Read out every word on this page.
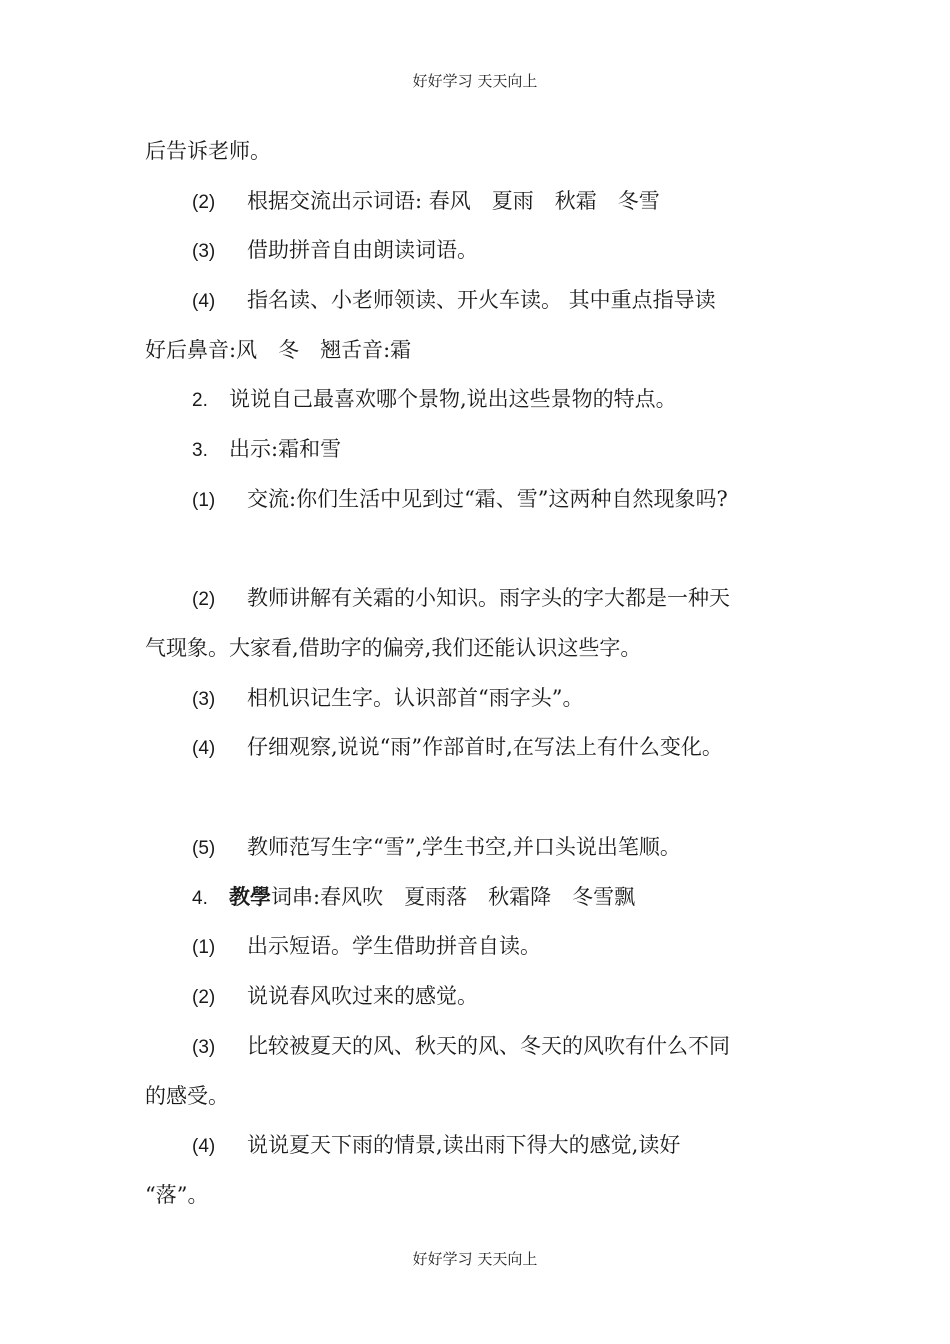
好好学习 天天向上
后告诉老师。
(2) 根据交流出示词语: 春风　夏雨　秋霜　冬雪
(3) 借助拼音自由朗读词语。
(4) 指名读、小老师领读、开火车读。 其中重点指导读
好后鼻音:风　冬　翘舌音:霜
2. 说说自己最喜欢哪个景物,说出这些景物的特点。
3. 出示:霜和雪
(1) 交流:你们生活中见到过“霜、雪”这两种自然现象吗?
(2) 教师讲解有关霜的小知识。雨字头的字大都是一种天
气现象。大家看,借助字的偏旁,我们还能认识这些字。
(3) 相机识记生字。认识部首“雨字头”。
(4) 仔细观察,说说“雨”作部首时,在写法上有什么变化。
(5) 教师范写生字“雪”,学生书空,并口头说出笔顺。
4. 教學词串:春风吹　夏雨落　秋霜降　冬雪飘
(1) 出示短语。学生借助拼音自读。
(2) 说说春风吹过来的感觉。
(3) 比较被夏天的风、秋天的风、冬天的风吹有什么不同
的感受。
(4) 说说夏天下雨的情景,读出雨下得大的感觉,读好
“落”。
好好学习 天天向上
